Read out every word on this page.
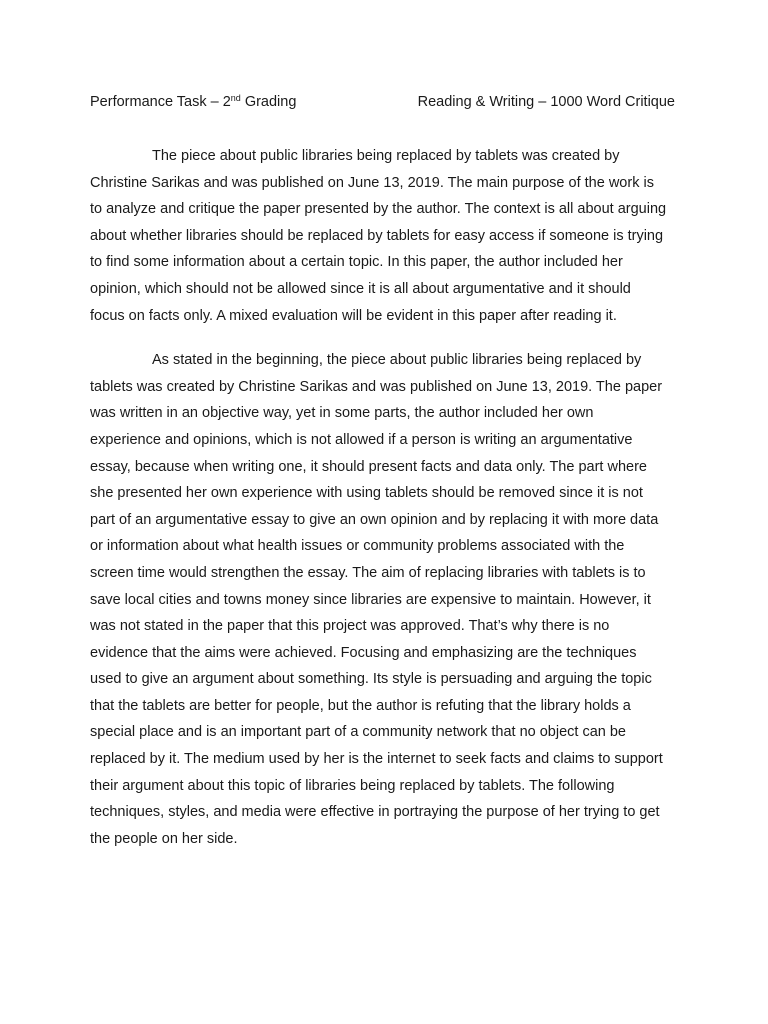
Performance Task – 2nd Grading	Reading & Writing – 1000 Word Critique

The piece about public libraries being replaced by tablets was created by Christine Sarikas and was published on June 13, 2019. The main purpose of the work is to analyze and critique the paper presented by the author. The context is all about arguing about whether libraries should be replaced by tablets for easy access if someone is trying to find some information about a certain topic. In this paper, the author included her opinion, which should not be allowed since it is all about argumentative and it should focus on facts only. A mixed evaluation will be evident in this paper after reading it.

As stated in the beginning, the piece about public libraries being replaced by tablets was created by Christine Sarikas and was published on June 13, 2019. The paper was written in an objective way, yet in some parts, the author included her own experience and opinions, which is not allowed if a person is writing an argumentative essay, because when writing one, it should present facts and data only. The part where she presented her own experience with using tablets should be removed since it is not part of an argumentative essay to give an own opinion and by replacing it with more data or information about what health issues or community problems associated with the screen time would strengthen the essay. The aim of replacing libraries with tablets is to save local cities and towns money since libraries are expensive to maintain. However, it was not stated in the paper that this project was approved. That’s why there is no evidence that the aims were achieved. Focusing and emphasizing are the techniques used to give an argument about something. Its style is persuading and arguing the topic that the tablets are better for people, but the author is refuting that the library holds a special place and is an important part of a community network that no object can be replaced by it. The medium used by her is the internet to seek facts and claims to support their argument about this topic of libraries being replaced by tablets. The following techniques, styles, and media were effective in portraying the purpose of her trying to get the people on her side.
